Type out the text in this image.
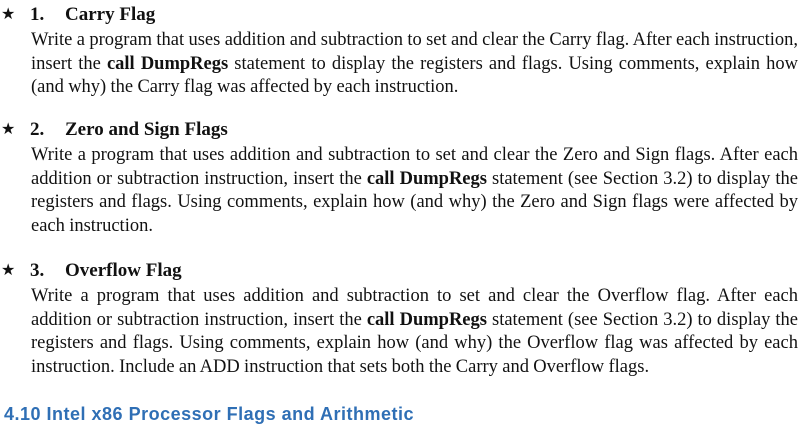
★ 1. Carry Flag
Write a program that uses addition and subtraction to set and clear the Carry flag. After each instruction, insert the call DumpRegs statement to display the registers and flags. Using comments, explain how (and why) the Carry flag was affected by each instruction.
★ 2. Zero and Sign Flags
Write a program that uses addition and subtraction to set and clear the Zero and Sign flags. After each addition or subtraction instruction, insert the call DumpRegs statement (see Section 3.2) to display the registers and flags. Using comments, explain how (and why) the Zero and Sign flags were affected by each instruction.
★ 3. Overflow Flag
Write a program that uses addition and subtraction to set and clear the Overflow flag. After each addition or subtraction instruction, insert the call DumpRegs statement (see Section 3.2) to display the registers and flags. Using comments, explain how (and why) the Overflow flag was affected by each instruction. Include an ADD instruction that sets both the Carry and Overflow flags.
4.10 Intel x86 Processor Flags and Arithmetic
